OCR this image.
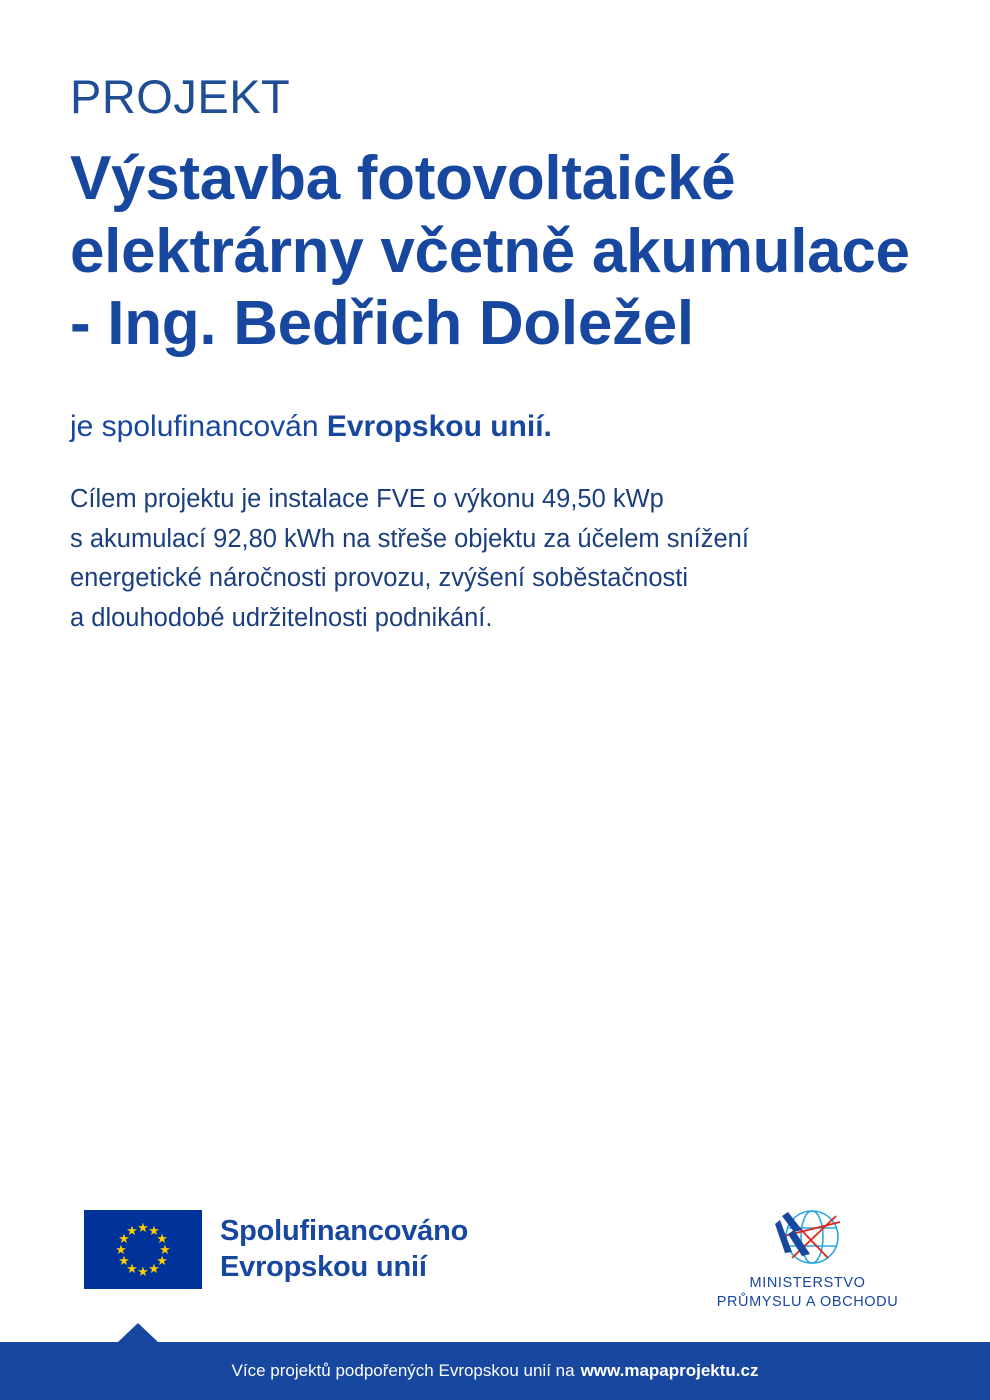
PROJEKT
Výstavba fotovoltaické elektrárny včetně akumulace - Ing. Bedřich Doležel
je spolufinancován Evropskou unií.
Cílem projektu je instalace FVE o výkonu 49,50 kWp
s akumulací 92,80 kWh na střeše objektu za účelem snížení
energetické náročnosti provozu, zvýšení soběstačnosti
a dlouhodobé udržitelnosti podnikání.
★ ★
★
★
★
★
★
★
★
★
★
★	Spolufinancováno
Evropskou unií
MINISTERSTVO
PRŮMYSLU A OBCHODU
Více projektů podpořených Evropskou unií na www.mapaprojektu.cz
